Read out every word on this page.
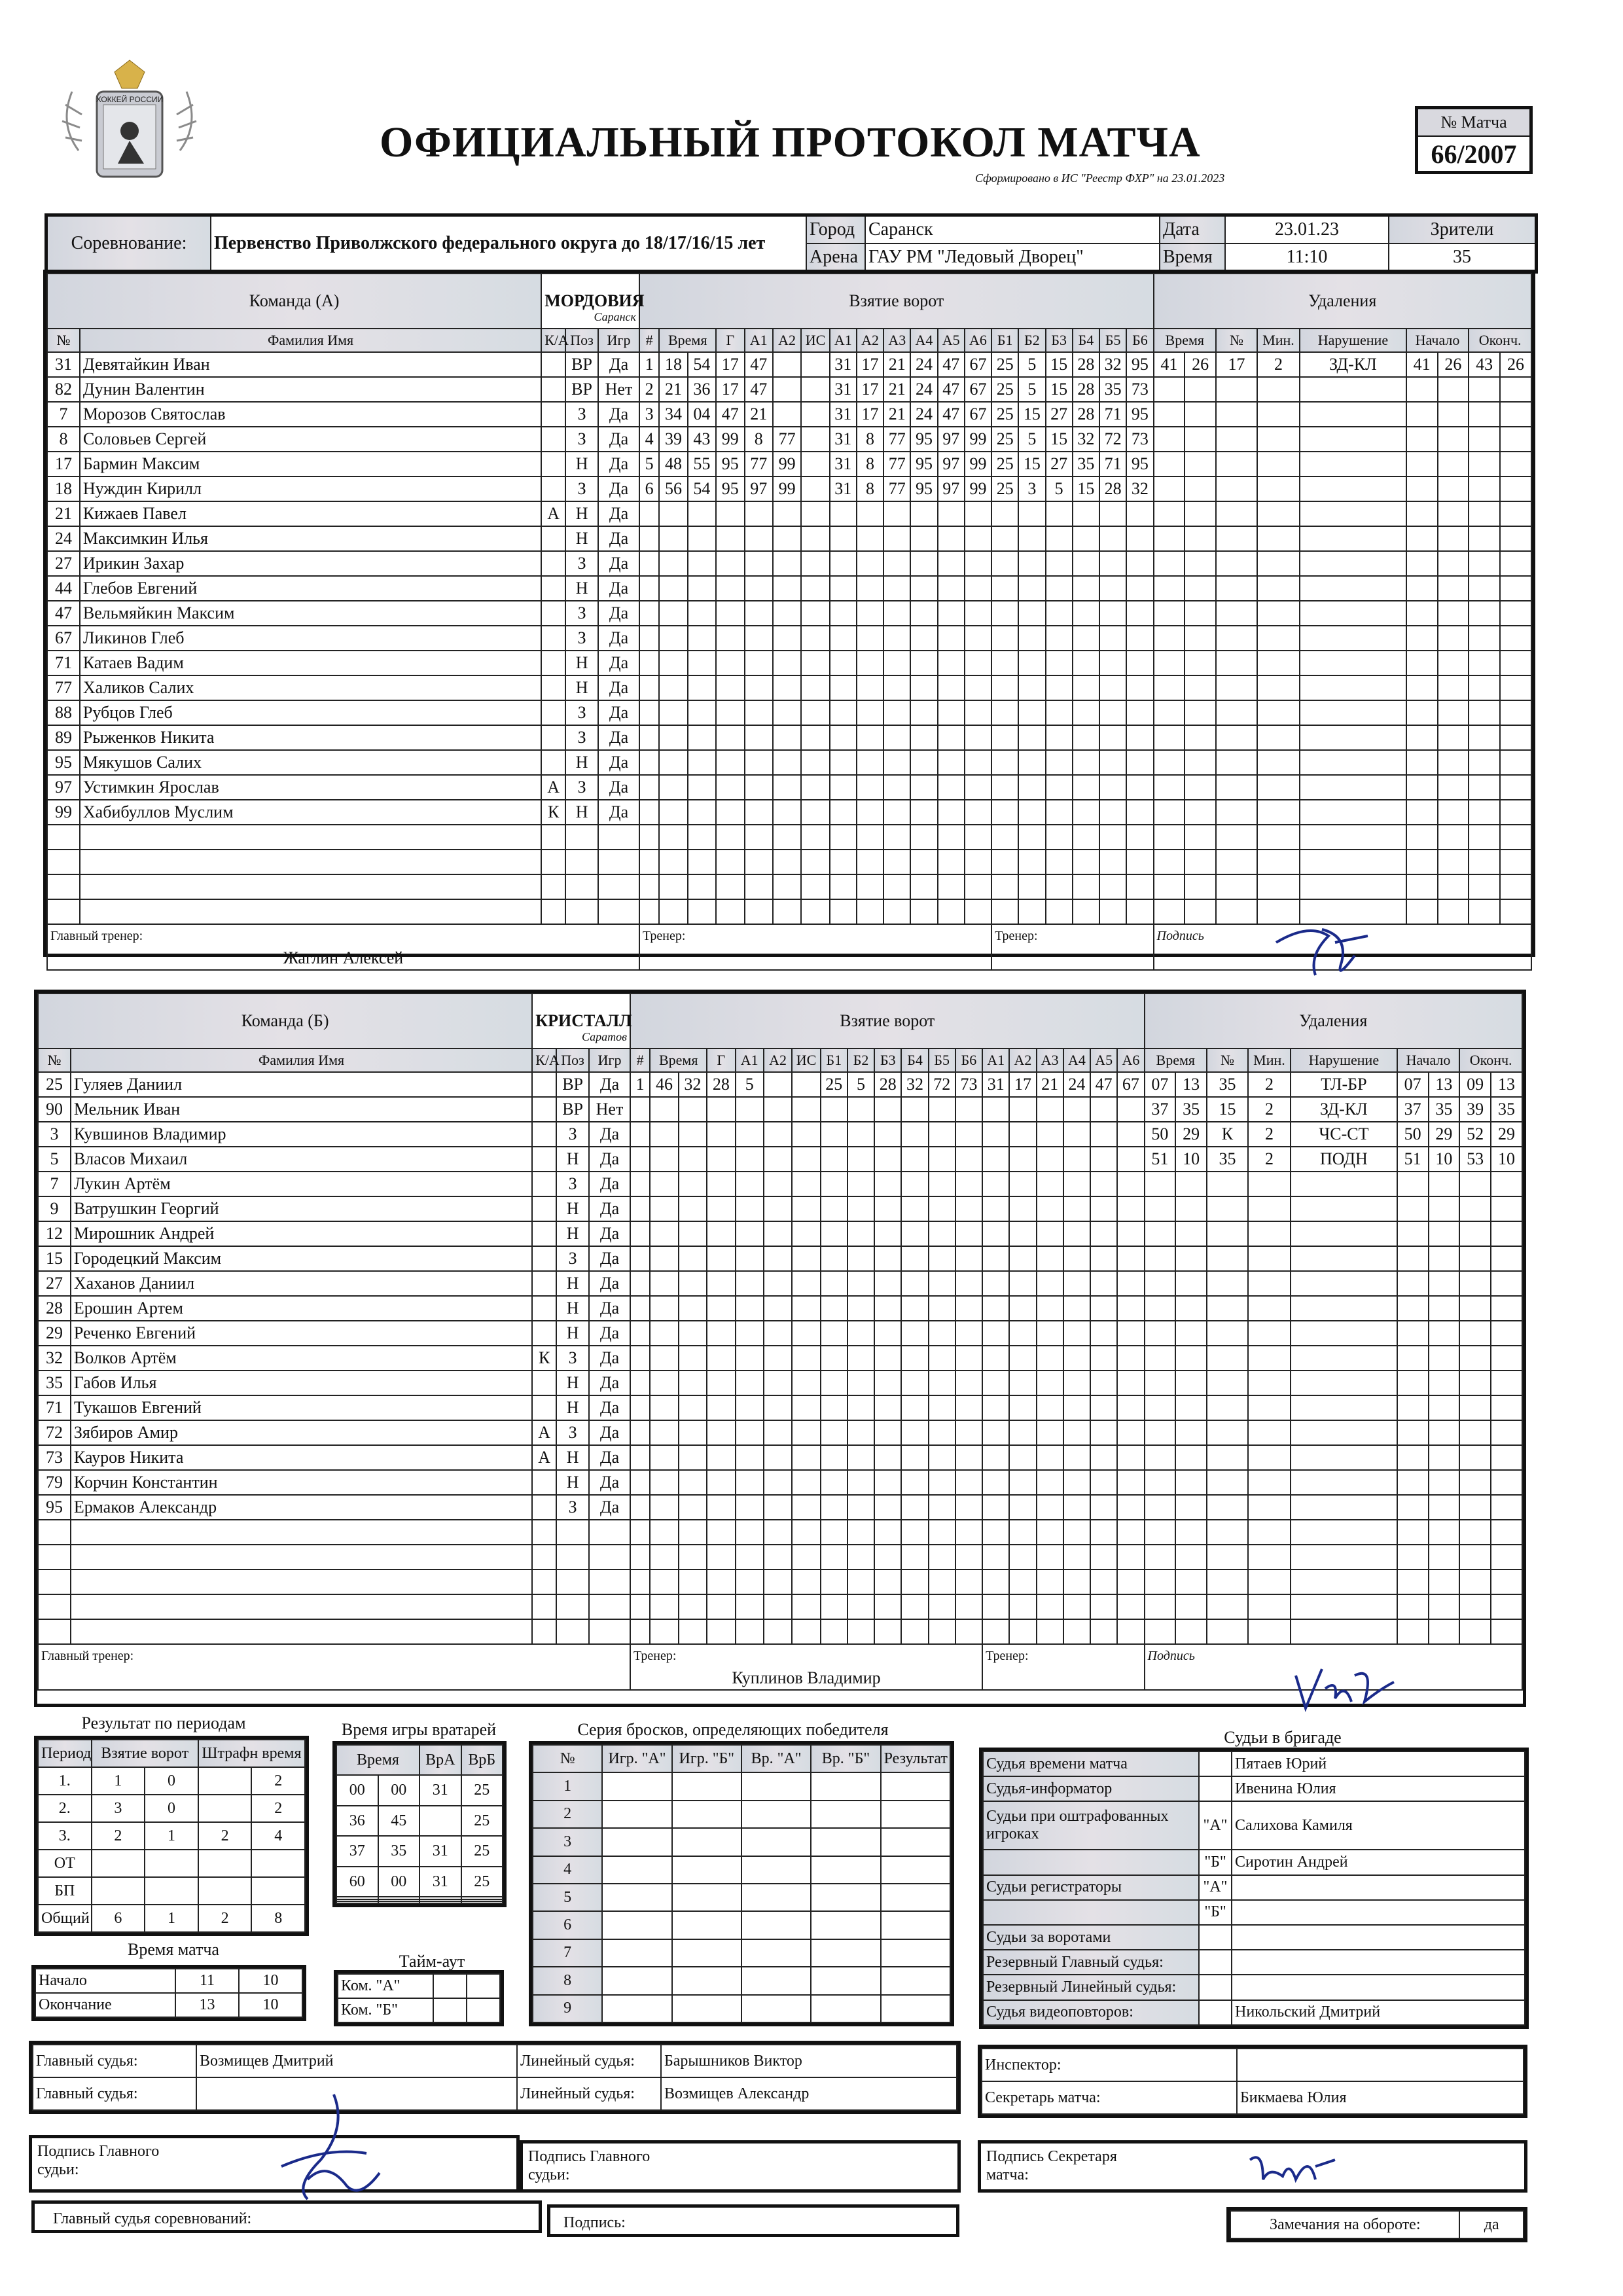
ХОККЕЙ РОССИИ
ОФИЦИАЛЬНЫЙ ПРОТОКОЛ МАТЧА
Сформировано в ИС "Реестр ФХР" на 23.01.2023
№ Матча
66/2007
Соревнование:	Первенство Приволжского федерального округа до 18/17/16/15 лет	Город	Саранск	Дата	23.01.23	Зрители
		Арена	ГАУ РМ "Ледовый Дворец"	Время	11:10	35
Команда (А)		МОРДОВИЯ
Саранск			Взятие ворот																			Удаления								
№	Фамилия Имя	К/А	Поз	Игр	#	Время		Г	А1	А2	ИС	А1	А2	А3	А4	А5	А6	Б1	Б2	Б3	Б4	Б5	Б6	Время		№	Мин.	Нарушение	Начало		Оконч.	
31	Девятайкин Иван		ВР	Да	1	18	54	17	47			31	17	21	24	47	67	25	5	15	28	32	95	41	26	17	2	ЗД-КЛ	41	26	43	26
82	Дунин Валентин		ВР	Нет	2	21	36	17	47			31	17	21	24	47	67	25	5	15	28	35	73									
7	Морозов Святослав		З	Да	3	34	04	47	21			31	17	21	24	47	67	25	15	27	28	71	95									
8	Соловьев Сергей		З	Да	4	39	43	99	8	77		31	8	77	95	97	99	25	5	15	32	72	73									
17	Бармин Максим		Н	Да	5	48	55	95	77	99		31	8	77	95	97	99	25	15	27	35	71	95									
18	Нуждин Кирилл		З	Да	6	56	54	95	97	99		31	8	77	95	97	99	25	3	5	15	28	32									
21	Кижаев Павел	А	Н	Да																												
24	Максимкин Илья		Н	Да																												
27	Ирикин Захар		З	Да																												
44	Глебов Евгений		Н	Да																												
47	Вельмяйкин Максим		З	Да																												
67	Ликинов Глеб		З	Да																												
71	Катаев Вадим		Н	Да																												
77	Халиков Салих		Н	Да																												
88	Рубцов Глеб		З	Да																												
89	Рыженков Никита		З	Да																												
95	Мякушов Салих		Н	Да																												
97	Устимкин Ярослав	А	З	Да																												
99	Хабибуллов Муслим	К	Н	Да																												

Главный тренер:
Жаглин Алексей					Тренер:													Тренер:						Подпись								
Команда (Б)		КРИСТАЛЛ
Саратов			Взятие ворот																			Удаления								
№	Фамилия Имя	К/А	Поз	Игр	#	Время		Г	А1	А2	ИС	Б1	Б2	Б3	Б4	Б5	Б6	А1	А2	А3	А4	А5	А6	Время		№	Мин.	Нарушение	Начало		Оконч.	
25	Гуляев Даниил		ВР	Да	1	46	32	28	5			25	5	28	32	72	73	31	17	21	24	47	67	07	13	35	2	ТЛ-БР	07	13	09	13
90	Мельник Иван		ВР	Нет																				37	35	15	2	ЗД-КЛ	37	35	39	35
3	Кувшинов Владимир		З	Да																				50	29	К	2	ЧС-СТ	50	29	52	29
5	Власов Михаил		Н	Да																				51	10	35	2	ПОДН	51	10	53	10
7	Лукин Артём		З	Да																												
9	Ватрушкин Георгий		Н	Да																												
12	Мирошник Андрей		Н	Да																												
15	Городецкий Максим		З	Да																												
27	Хаханов Даниил		Н	Да																												
28	Ерошин Артем		Н	Да																												
29	Реченко Евгений		Н	Да																												
32	Волков Артём	К	З	Да																												
35	Габов Илья		Н	Да																												
71	Тукашов Евгений		Н	Да																												
72	Зябиров Амир	А	З	Да																												
73	Кауров Никита	А	Н	Да																												
79	Корчин Константин		Н	Да																												
95	Ермаков Александр		З	Да																												

Главный тренер:					Тренер:
Куплинов Владимир													Тренер:						Подпись								
Результат по периодам
Период	Взятие ворот		Штрафн время	
1.	1	0		2
2.	3	0		2
3.	2	1	2	4
ОТ				
БП				
Общий	6	1	2	8
Время игры вратарей
Время		ВрА	ВрБ
00	00	31	25
36	45		25
37	35	31	25
60	00	31	25

Серия бросков, определяющих победителя
№	Игр. "А"	Игр. "Б"	Вр. "А"	Вр. "Б"	Результат
1					
2					
3					
4					
5					
6					
7					
8					
9					
Время матча
Начало	11	10
Окончание	13	10
Тайм-аут
Ком. "А"		
Ком. "Б"		
Судьи в бригаде
Судья времени матча		Пятаев Юрий
Судья-информатор		Ивенина Юлия
Судьи при оштрафованных игроках	"А"	Салихова Камиля
	"Б"	Сиротин Андрей
Судьи регистраторы	"А"	
	"Б"	
Судьи за воротами		
Резервный Главный судья:		
Резервный Линейный судья:		
Судья видеоповторов:		Никольский Дмитрий
Главный судья:	Возмищев Дмитрий	Линейный судья:	Барышников Виктор
Главный судья:		Линейный судья:	Возмищев Александр
Инспектор:	
Секретарь матча:	Бикмаева Юлия
Подпись Главного судьи:
Подпись Главного судьи:
Подпись Секретаря матча:
Главный судья соревнований:	Подпись:	Замечания на обороте:	да
